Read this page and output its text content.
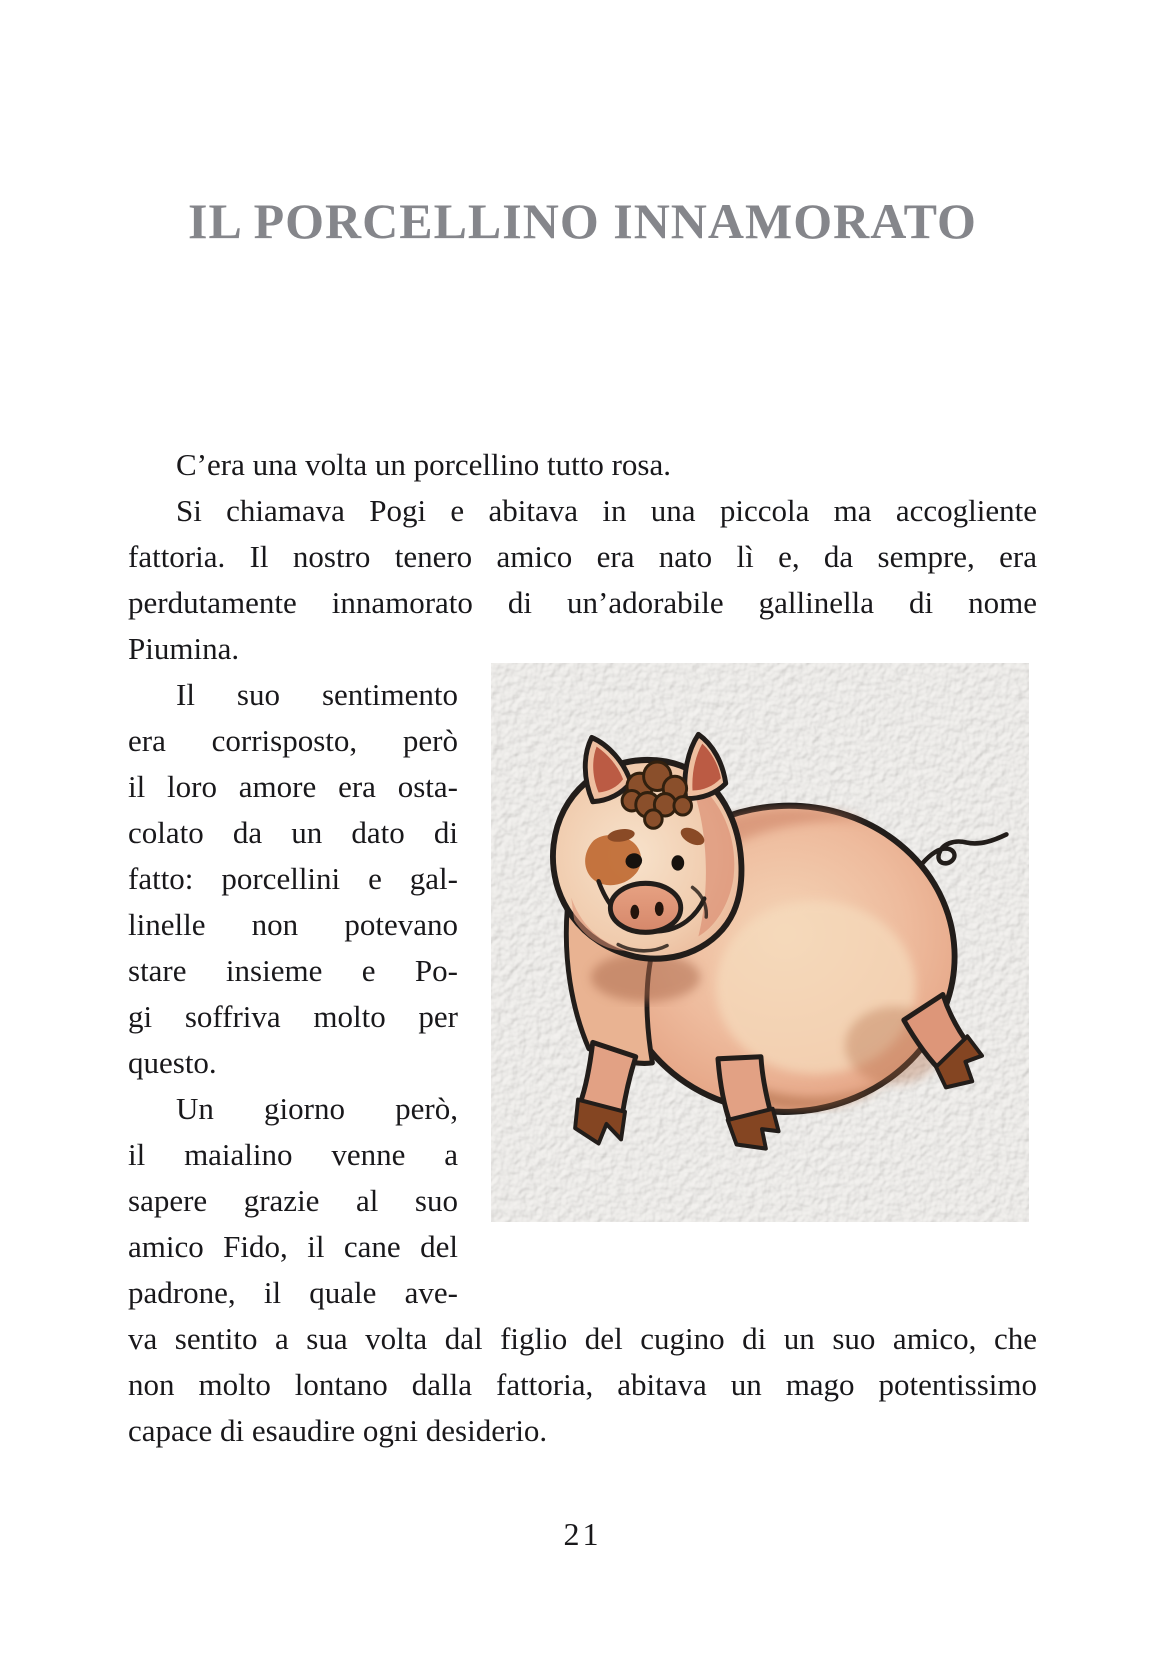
IL PORCELLINO INNAMORATO
C’era una volta un porcellino tutto rosa.
Si chiamava Pogi e abitava in una piccola ma accogliente
fattoria. Il nostro tenero amico era nato lì e, da sempre, era
perdutamente innamorato di un’adorabile gallinella di nome
Piumina.
Il suo sentimento
era corrisposto, però
il loro amore era osta-
colato da un dato di
fatto: porcellini e gal-
linelle non potevano
stare insieme e Po-
gi soffriva molto per
questo.
Un giorno però,
il maialino venne a
sapere grazie al suo
amico Fido, il cane del
padrone, il quale ave-
va sentito a sua volta dal figlio del cugino di un suo amico, che
non molto lontano dalla fattoria, abitava un mago potentissimo
capace di esaudire ogni desiderio.
21
